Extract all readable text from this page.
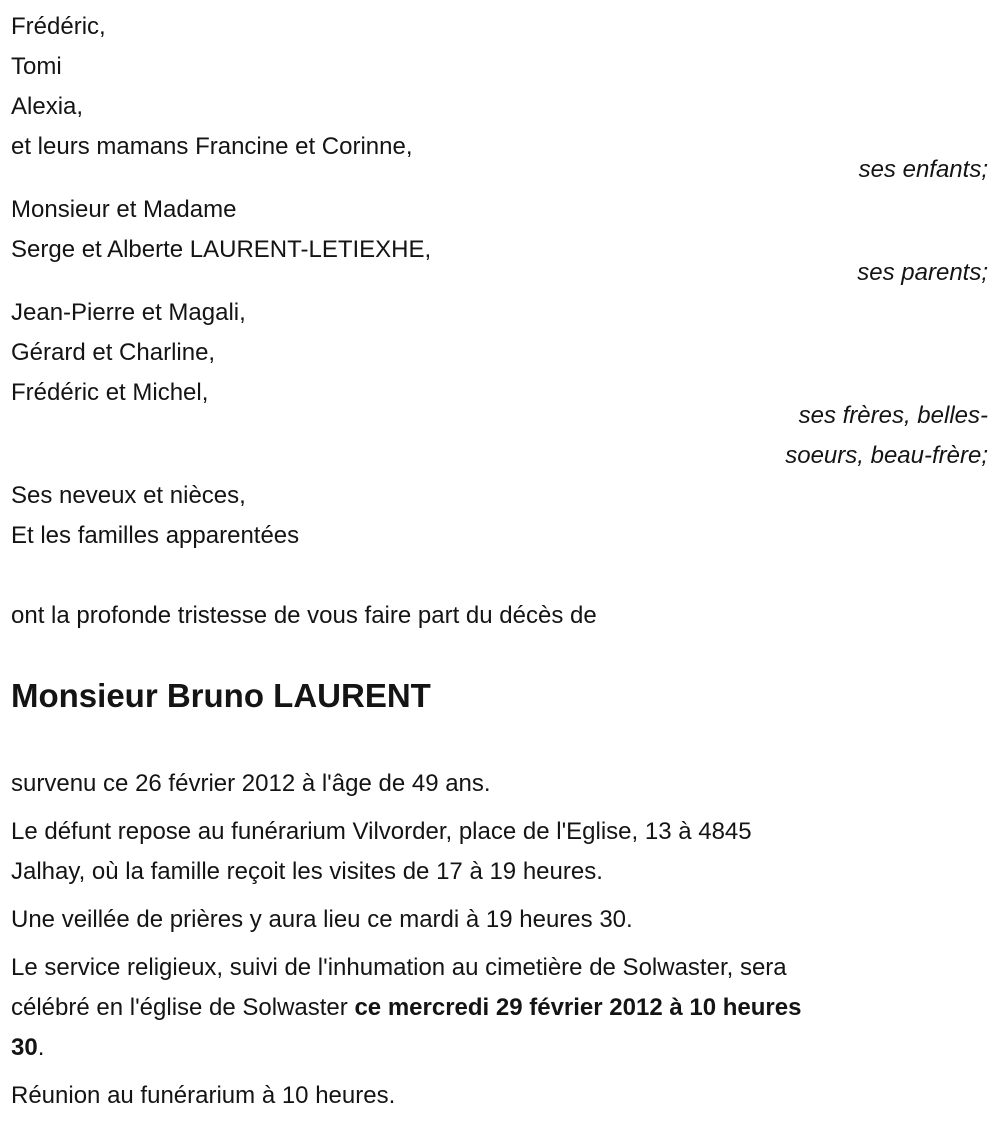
Frédéric,
Tomi
Alexia,
et leurs mamans Francine et Corinne,
ses enfants;
Monsieur et Madame
Serge et Alberte LAURENT-LETIEXHE,
ses parents;
Jean-Pierre et Magali,
Gérard et Charline,
Frédéric et Michel,
ses frères, belles-
soeurs, beau-frère;
Ses neveux et nièces,
Et les familles apparentées
ont la profonde tristesse de vous faire part du décès de
Monsieur Bruno LAURENT
survenu ce 26 février 2012 à l'âge de 49 ans.
Le défunt repose au funérarium Vilvorder, place de l'Eglise, 13 à 4845
Jalhay, où la famille reçoit les visites de 17 à 19 heures.
Une veillée de prières y aura lieu ce mardi à 19 heures 30.
Le service religieux, suivi de l'inhumation au cimetière de Solwaster, sera
célébré en l'église de Solwaster ce mercredi 29 février 2012 à 10 heures
30.
Réunion au funérarium à 10 heures.
